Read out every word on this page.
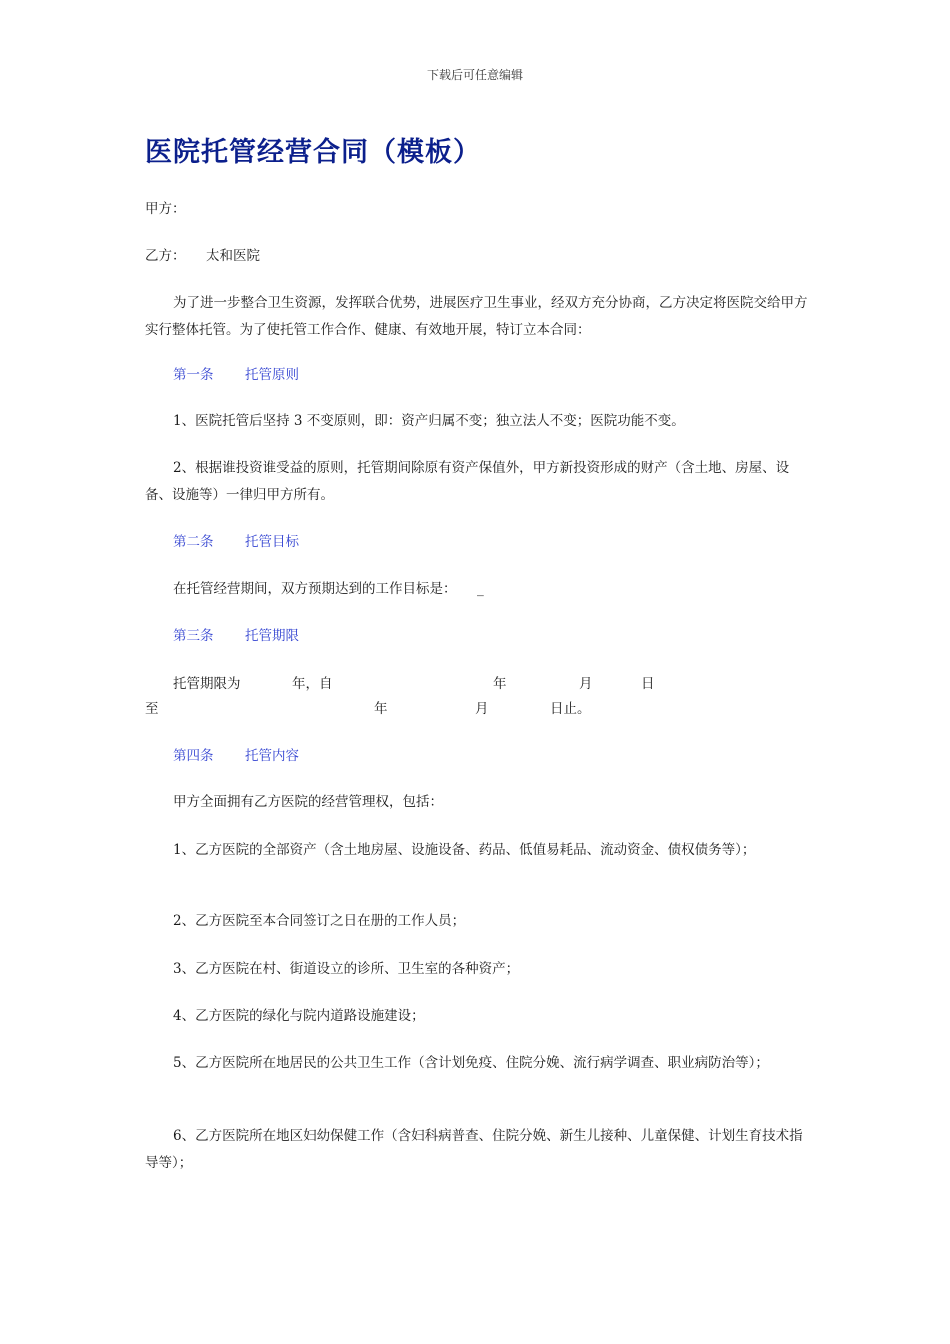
下载后可任意编辑
医院托管经营合同（模板）
甲方：
乙方： 太和医院
为了进一步整合卫生资源，发挥联合优势，进展医疗卫生事业，经双方充分协商，乙方决定将医院交给甲方实行整体托管。为了使托管工作合作、健康、有效地开展，特订立本合同：
第一条 托管原则
1、医院托管后坚持 3 不变原则，即：资产归属不变；独立法人不变；医院功能不变。
2、根据谁投资谁受益的原则，托管期间除原有资产保值外，甲方新投资形成的财产（含土地、房屋、设备、设施等）一律归甲方所有。
第二条 托管目标
在托管经营期间，双方预期达到的工作目标是： _
第三条 托管期限
托管期限为	年，自	年	月	日
至	年	月	日止。
第四条 托管内容
甲方全面拥有乙方医院的经营管理权，包括：
1、乙方医院的全部资产（含土地房屋、设施设备、药品、低值易耗品、流动资金、债权债务等）；
2、乙方医院至本合同签订之日在册的工作人员；
3、乙方医院在村、街道设立的诊所、卫生室的各种资产；
4、乙方医院的绿化与院内道路设施建设；
5、乙方医院所在地居民的公共卫生工作（含计划免疫、住院分娩、流行病学调查、职业病防治等）；
6、乙方医院所在地区妇幼保健工作（含妇科病普查、住院分娩、新生儿接种、儿童保健、计划生育技术指导等）；
